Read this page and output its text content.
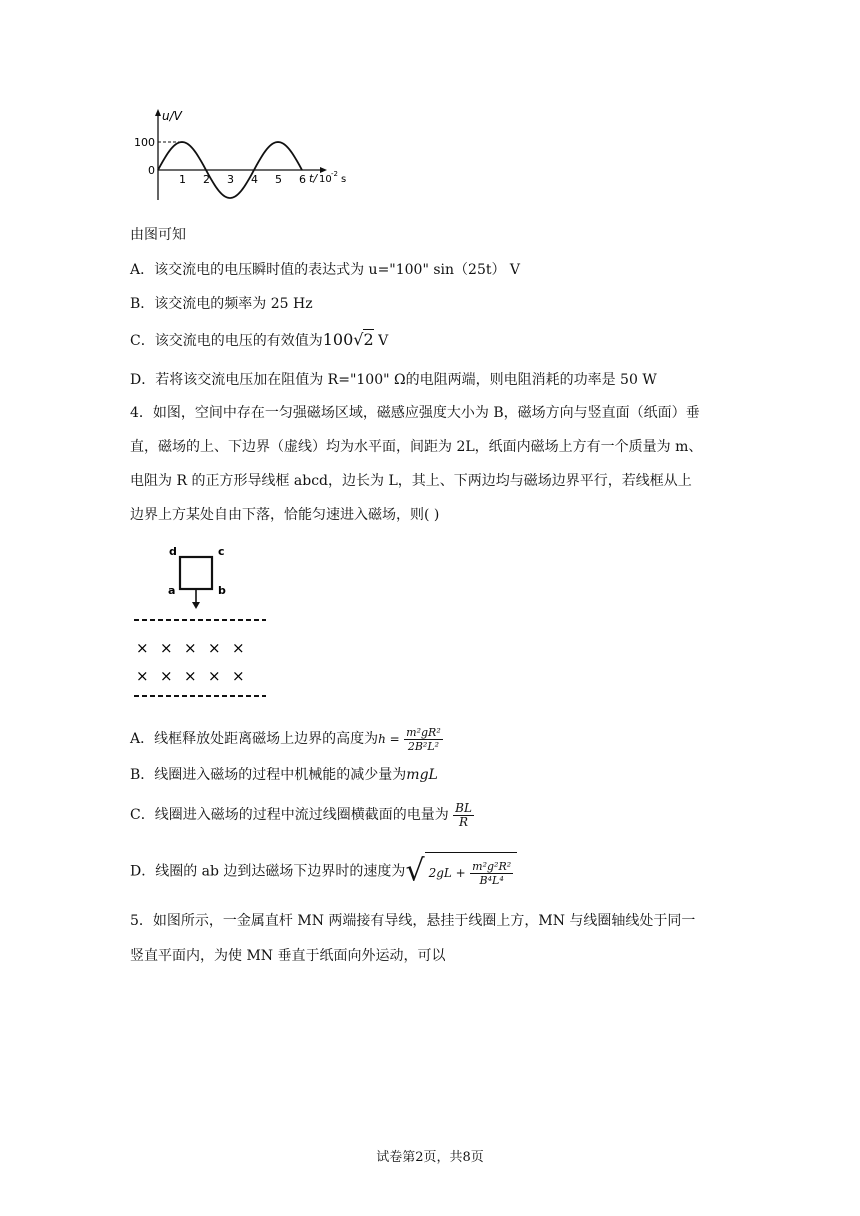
u/V
100
0
1 2 3 4 5 6 t/ 10 -2 s
由图可知
A．该交流电的电压瞬时值的表达式为 u="100" sin（25t） V
B．该交流电的频率为 25 Hz
C．该交流电的电压的有效值为100√2 V
D．若将该交流电压加在阻值为 R="100" Ω的电阻两端，则电阻消耗的功率是 50 W
4．如图，空间中存在一匀强磁场区域，磁感应强度大小为 B，磁场方向与竖直面（纸面）垂
直，磁场的上、下边界（虚线）均为水平面，间距为 2L，纸面内磁场上方有一个质量为 m、
电阻为 R 的正方形导线框 abcd，边长为 L，其上、下两边均与磁场边界平行，若线框从上
边界上方某处自由下落，恰能匀速进入磁场，则( )
d	c
a	b
× × × × ×
× × × × ×
A．线框释放处距离磁场上边界的高度为$h = \frac{\text{m²gR²}}{\text{2B²L²}}$
B．线圈进入磁场的过程中机械能的减少量为mgL
C．线圈进入磁场的过程中流过线圈横截面的电量为 $\frac{BL}{R}$
D．线圈的 ab 边到达磁场下边界时的速度为√ $2gL + \frac{\text{m²g²R²}}{\text{B⁴L⁴}}$
5．如图所示，一金属直杆 MN 两端接有导线，悬挂于线圈上方，MN 与线圈轴线处于同一
竖直平面内，为使 MN 垂直于纸面向外运动，可以
试卷第2页，共8页
